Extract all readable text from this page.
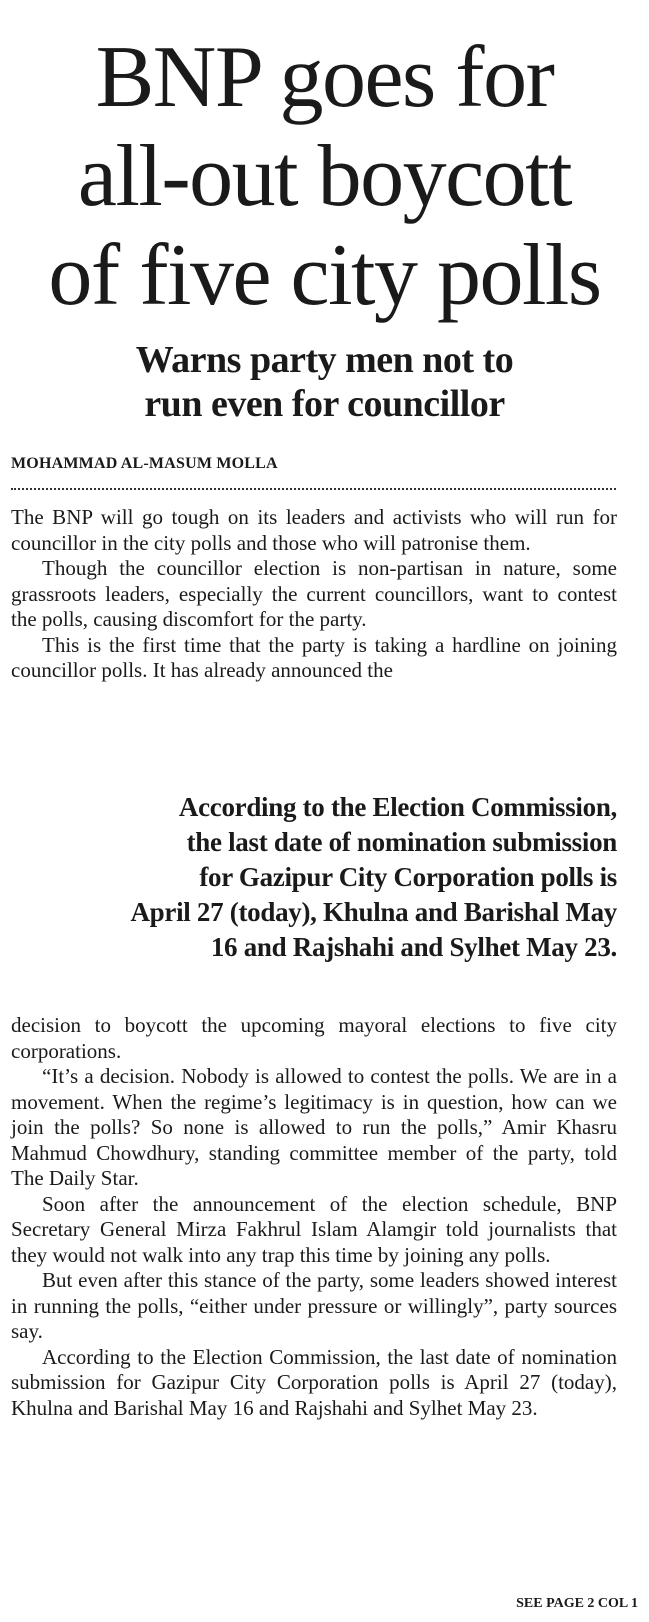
BNP goes for
all-out boycott
of five city polls
Warns party men not to
run even for councillor
MOHAMMAD AL-MASUM MOLLA

The BNP will go tough on its leaders and activists who will run for councillor in the city polls and those who will patronise them.

Though the councillor election is non-partisan in nature, some grassroots leaders, especially the current councillors, want to contest the polls, causing discomfort for the party.

This is the first time that the party is taking a hardline on joining councillor polls. It has already announced the

According to the Election Commission,
the last date of nomination submission
for Gazipur City Corporation polls is
April 27 (today), Khulna and Barishal May
16 and Rajshahi and Sylhet May 23.

decision to boycott the upcoming mayoral elections to five city corporations.

“It’s a decision. Nobody is allowed to contest the polls. We are in a movement. When the regime’s legitimacy is in question, how can we join the polls? So none is allowed to run the polls,” Amir Khasru Mahmud Chowdhury, standing committee member of the party, told The Daily Star.

Soon after the announcement of the election schedule, BNP Secretary General Mirza Fakhrul Islam Alamgir told journalists that they would not walk into any trap this time by joining any polls.

But even after this stance of the party, some leaders showed interest in running the polls, “either under pressure or willingly”, party sources say.

According to the Election Commission, the last date of nomination submission for Gazipur City Corporation polls is April 27 (today), Khulna and Barishal May 16 and Rajshahi and Sylhet May 23.

SEE PAGE 2 COL 1
